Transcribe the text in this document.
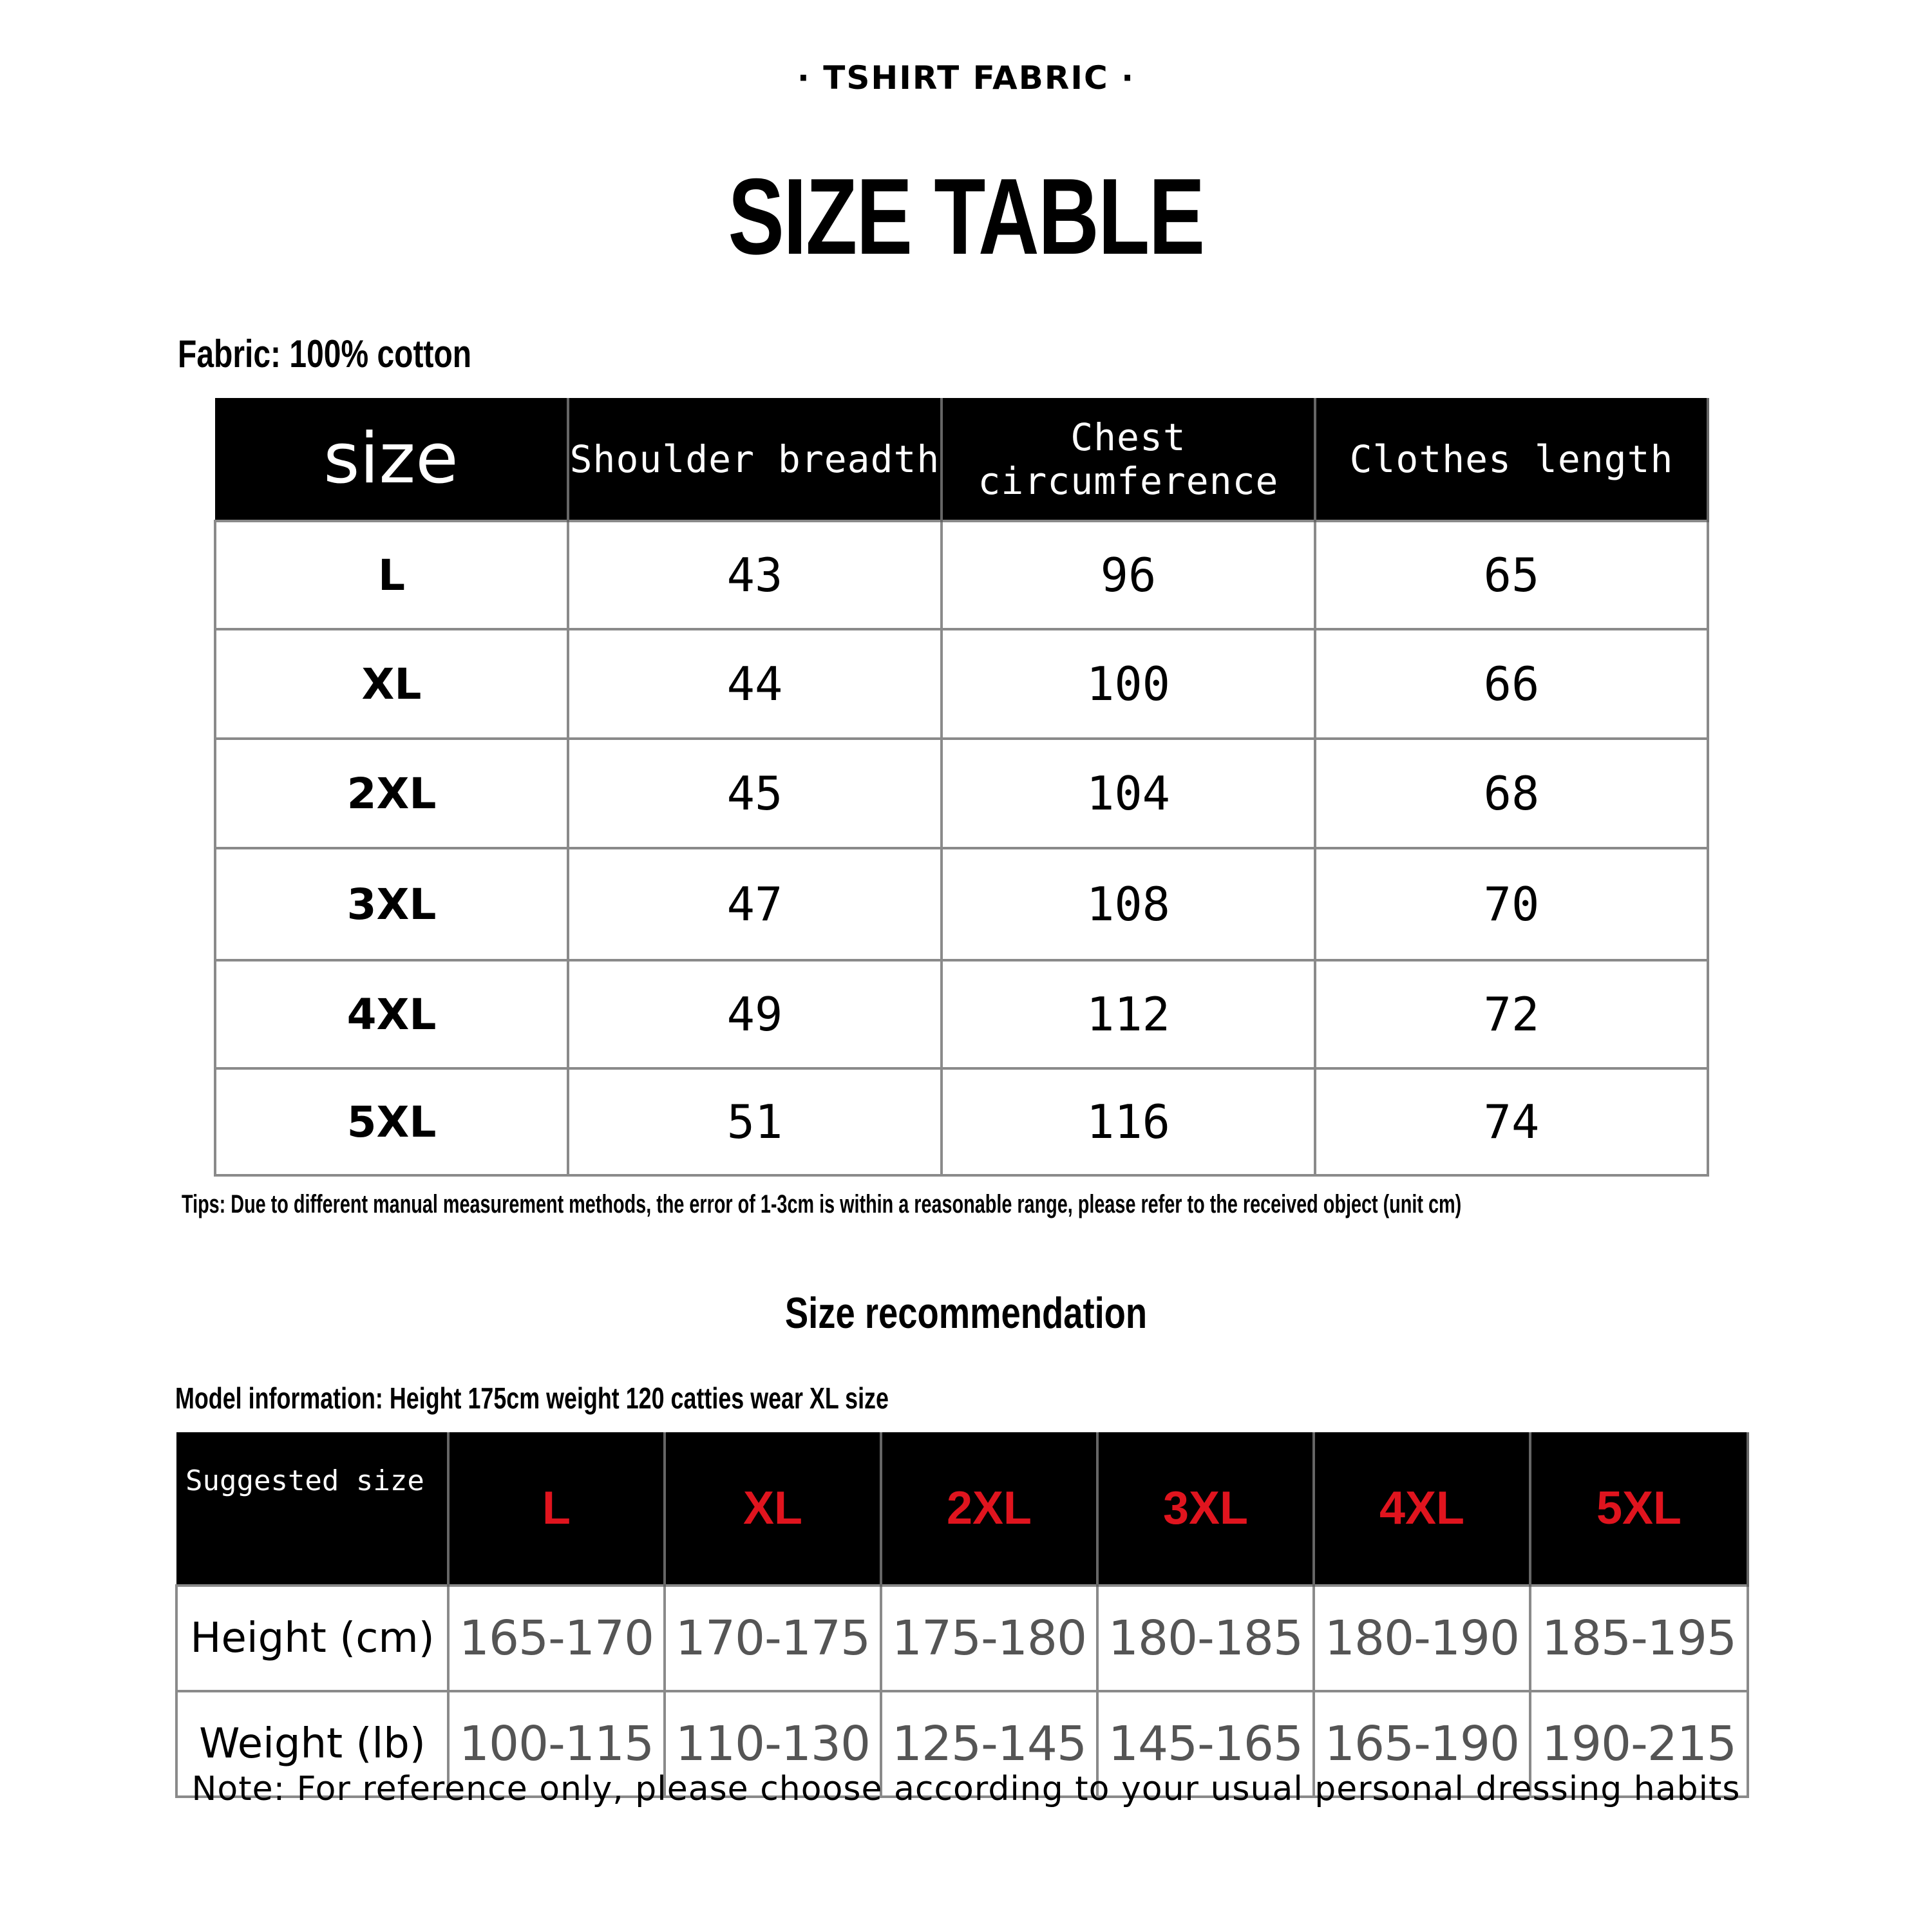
· TSHIRT FABRIC ·
SIZE TABLE
Fabric: 100% cotton
size	Shoulder breadth	Chest circumference	Clothes length
L	43	96	65
XL	44	100	66
2XL	45	104	68
3XL	47	108	70
4XL	49	112	72
5XL	51	116	74
Tips: Due to different manual measurement methods, the error of 1-3cm is within a reasonable range, please refer to the received object (unit cm)
Size recommendation
Model information: Height 175cm weight 120 catties wear XL size
Suggested size	L	XL	2XL	3XL	4XL	5XL
Height (cm)	165-170	170-175	175-180	180-185	180-190	185-195
Weight (lb)	100-115	110-130	125-145	145-165	165-190	190-215
Note: For reference only, please choose according to your usual personal dressing habits
